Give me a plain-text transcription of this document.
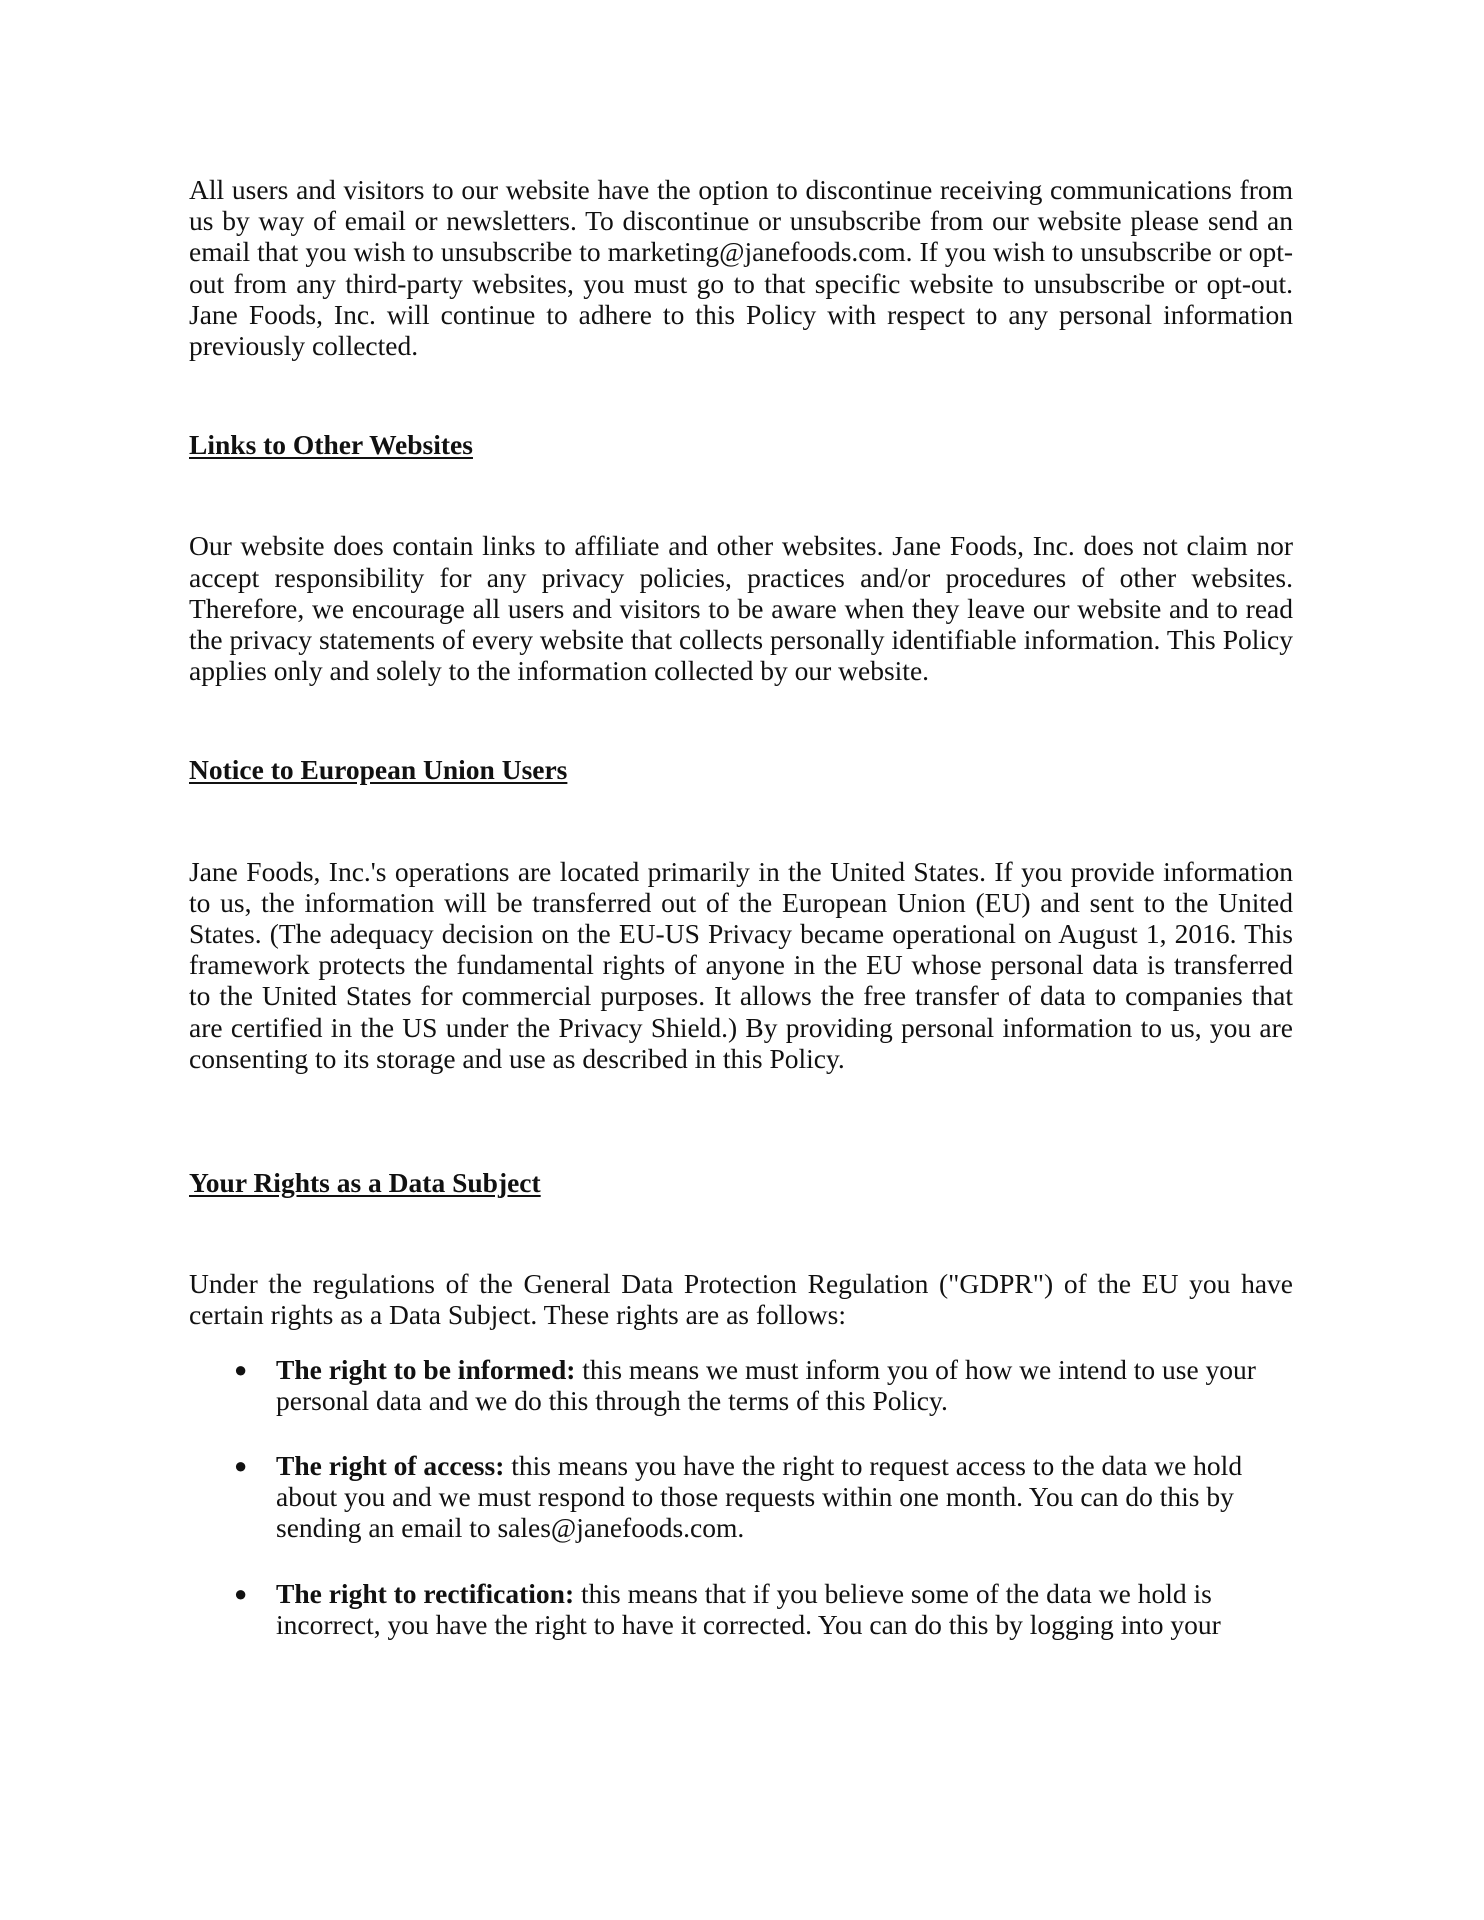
All users and visitors to our website have the option to discontinue receiving communications from us by way of email or newsletters. To discontinue or unsubscribe from our website please send an email that you wish to unsubscribe to marketing@janefoods.com. If you wish to unsubscribe or opt-out from any third-party websites, you must go to that specific website to unsubscribe or opt-out. Jane Foods, Inc. will continue to adhere to this Policy with respect to any personal information previously collected.

Links to Other Websites

Our website does contain links to affiliate and other websites. Jane Foods, Inc. does not claim nor accept responsibility for any privacy policies, practices and/or procedures of other websites. Therefore, we encourage all users and visitors to be aware when they leave our website and to read the privacy statements of every website that collects personally identifiable information. This Policy applies only and solely to the information collected by our website.

Notice to European Union Users

Jane Foods, Inc.'s operations are located primarily in the United States. If you provide information to us, the information will be transferred out of the European Union (EU) and sent to the United States. (The adequacy decision on the EU-US Privacy became operational on August 1, 2016. This framework protects the fundamental rights of anyone in the EU whose personal data is transferred to the United States for commercial purposes. It allows the free transfer of data to companies that are certified in the US under the Privacy Shield.) By providing personal information to us, you are consenting to its storage and use as described in this Policy.

Your Rights as a Data Subject

Under the regulations of the General Data Protection Regulation ("GDPR") of the EU you have certain rights as a Data Subject. These rights are as follows:

● The right to be informed: this means we must inform you of how we intend to use your personal data and we do this through the terms of this Policy.
● The right of access: this means you have the right to request access to the data we hold about you and we must respond to those requests within one month. You can do this by sending an email to sales@janefoods.com.
● The right to rectification: this means that if you believe some of the data we hold is incorrect, you have the right to have it corrected. You can do this by logging into your
